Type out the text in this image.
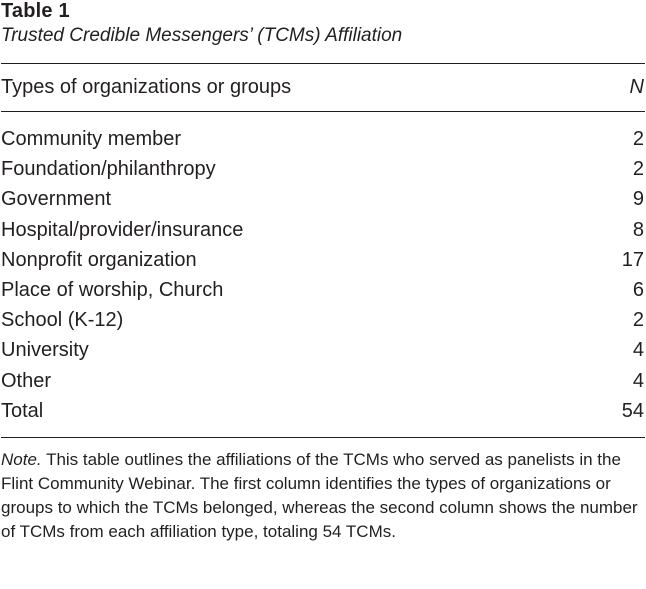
Table 1
Trusted Credible Messengers’ (TCMs) Affiliation
Types of organizations or groups	N
Community member	2
Foundation/philanthropy	2
Government	9
Hospital/provider/insurance	8
Nonprofit organization	17
Place of worship, Church	6
School (K-12)	2
University	4
Other	4
Total	54
Note. This table outlines the affiliations of the TCMs who served as panelists in the Flint Community Webinar. The first column identifies the types of organizations or groups to which the TCMs belonged, whereas the second column shows the number of TCMs from each affiliation type, totaling 54 TCMs.
